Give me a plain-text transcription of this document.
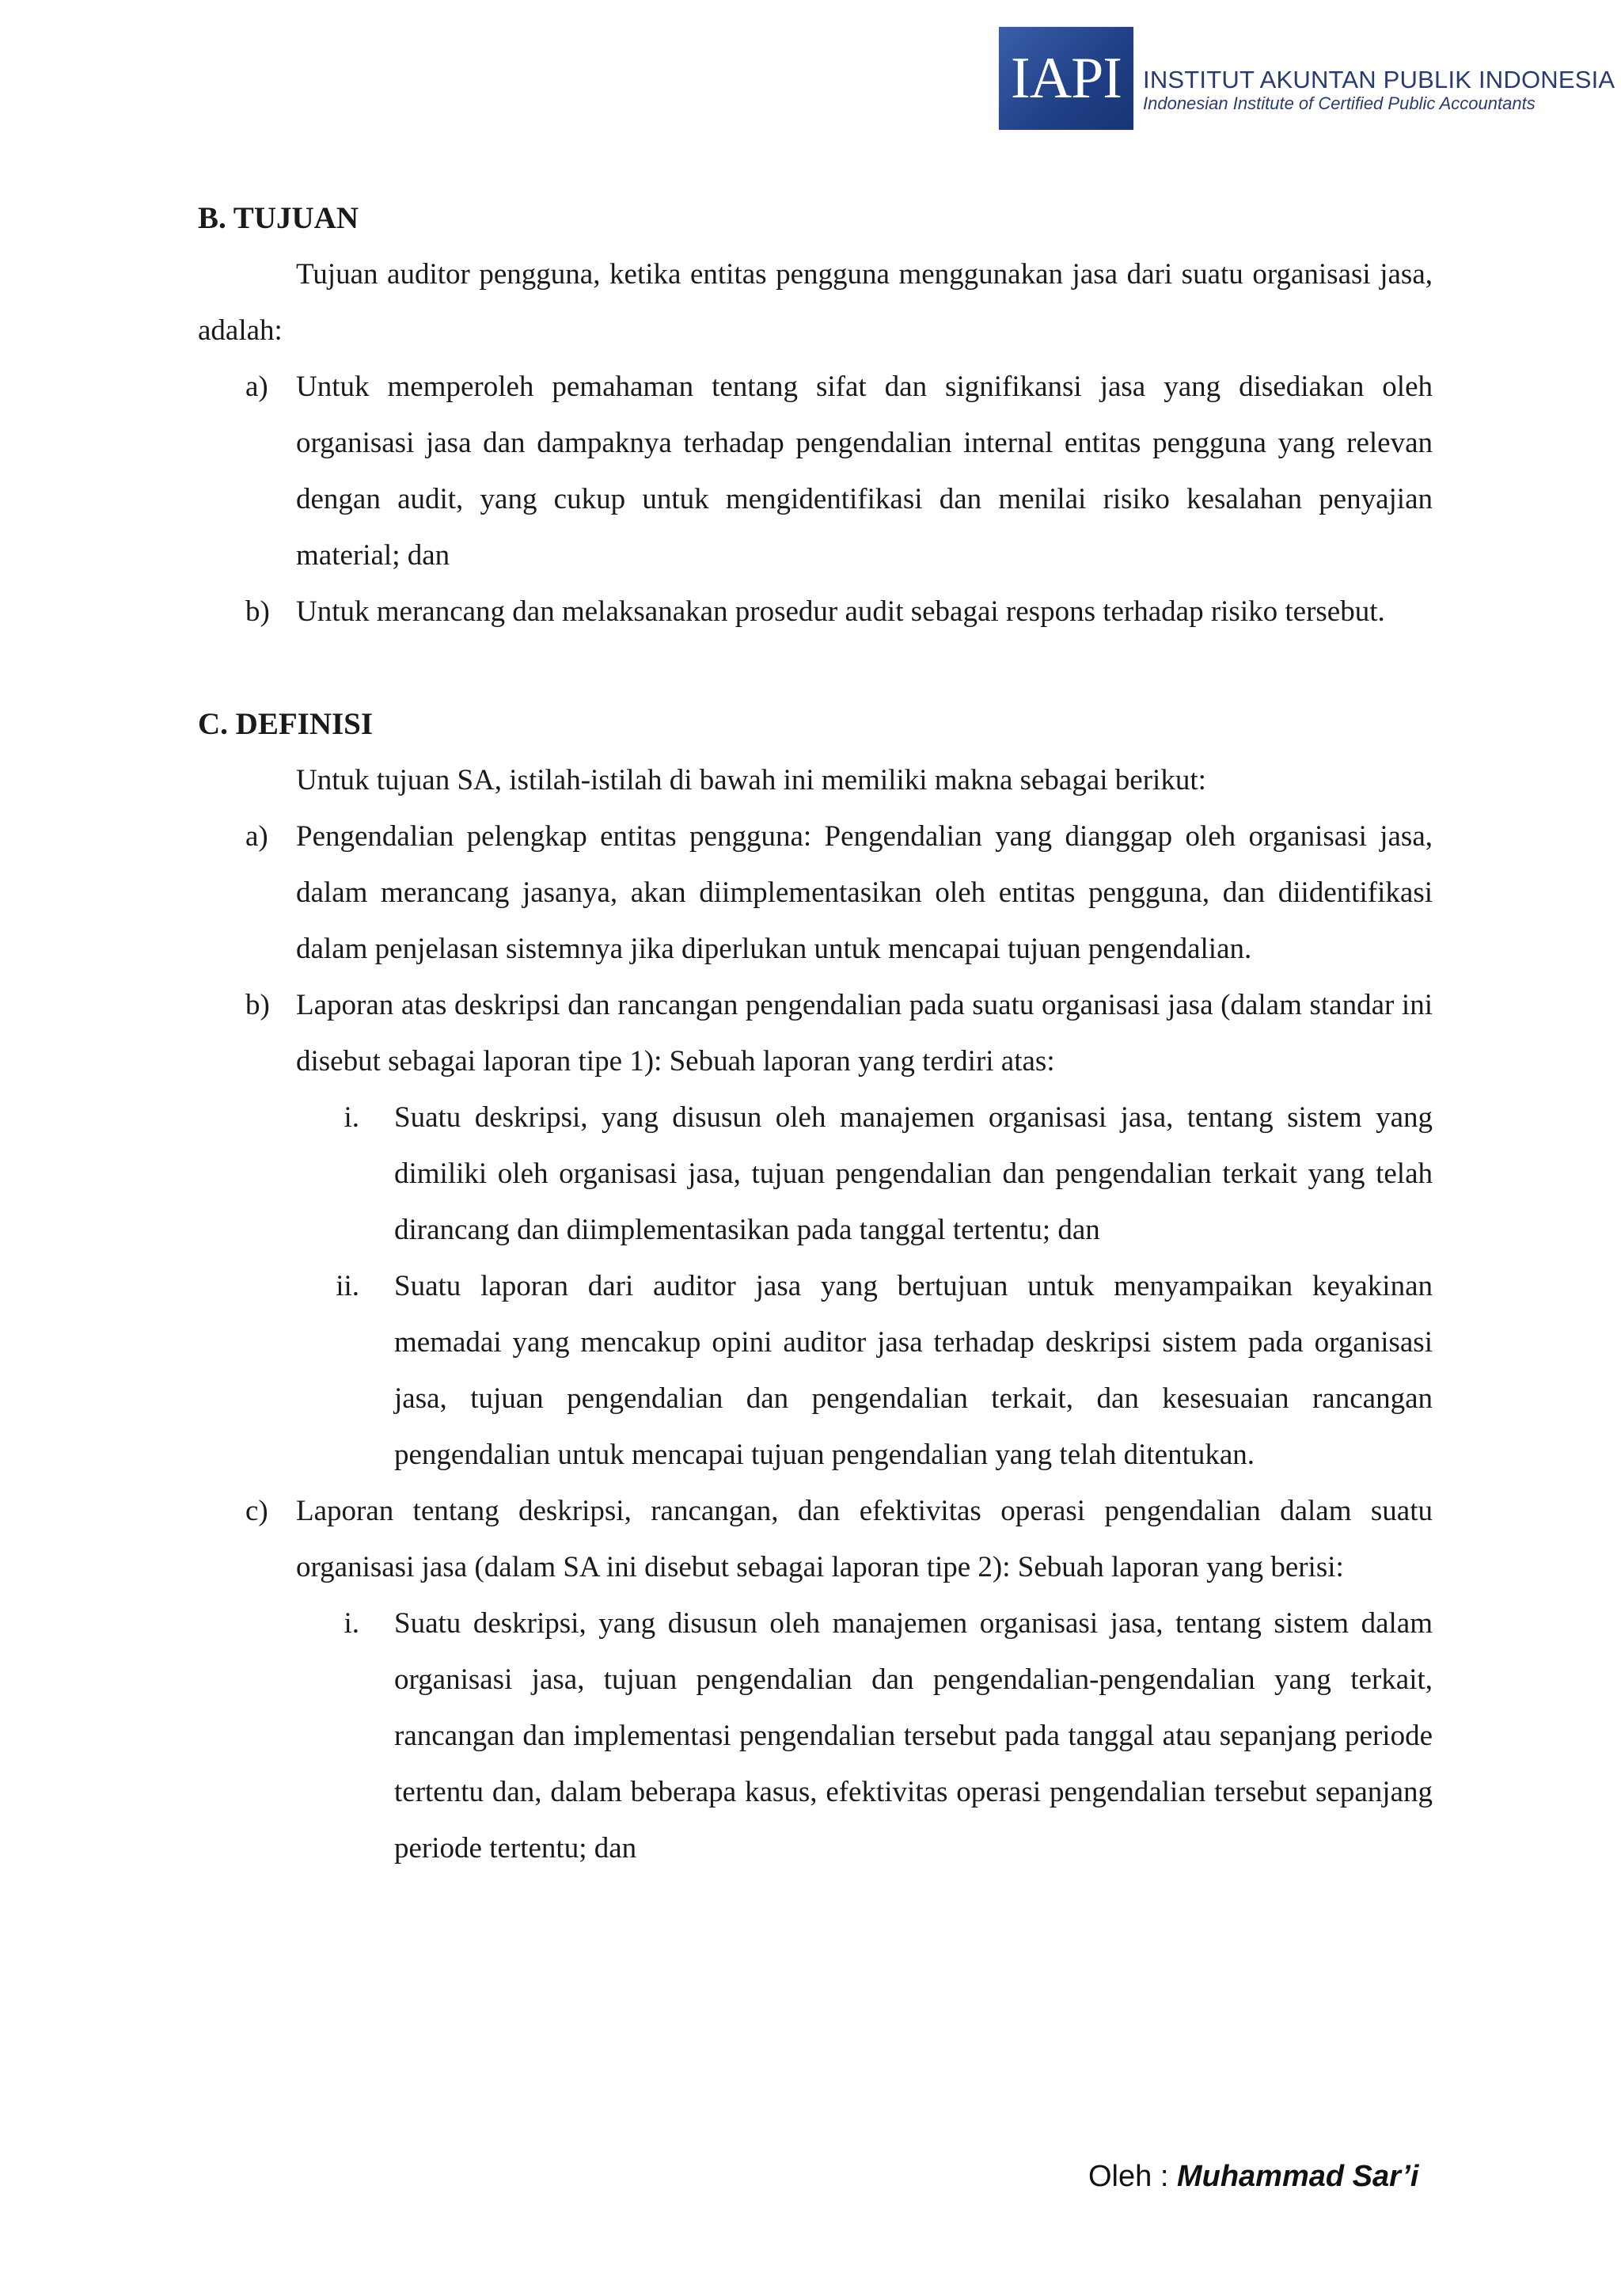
IAPI INSTITUT AKUNTAN PUBLIK INDONESIA
Indonesian Institute of Certified Public Accountants
B. TUJUAN

Tujuan auditor pengguna, ketika entitas pengguna menggunakan jasa dari suatu organisasi jasa, adalah:

a) Untuk memperoleh pemahaman tentang sifat dan signifikansi jasa yang disediakan oleh organisasi jasa dan dampaknya terhadap pengendalian internal entitas pengguna yang relevan dengan audit, yang cukup untuk mengidentifikasi dan menilai risiko kesalahan penyajian material; dan
b) Untuk merancang dan melaksanakan prosedur audit sebagai respons terhadap risiko tersebut.
C. DEFINISI

Untuk tujuan SA, istilah-istilah di bawah ini memiliki makna sebagai berikut:

a) Pengendalian pelengkap entitas pengguna: Pengendalian yang dianggap oleh organisasi jasa, dalam merancang jasanya, akan diimplementasikan oleh entitas pengguna, dan diidentifikasi dalam penjelasan sistemnya jika diperlukan untuk mencapai tujuan pengendalian.
b) Laporan atas deskripsi dan rancangan pengendalian pada suatu organisasi jasa (dalam standar ini disebut sebagai laporan tipe 1): Sebuah laporan yang terdiri atas:
i. Suatu deskripsi, yang disusun oleh manajemen organisasi jasa, tentang sistem yang dimiliki oleh organisasi jasa, tujuan pengendalian dan pengendalian terkait yang telah dirancang dan diimplementasikan pada tanggal tertentu; dan
ii. Suatu laporan dari auditor jasa yang bertujuan untuk menyampaikan keyakinan memadai yang mencakup opini auditor jasa terhadap deskripsi sistem pada organisasi jasa, tujuan pengendalian dan pengendalian terkait, dan kesesuaian rancangan pengendalian untuk mencapai tujuan pengendalian yang telah ditentukan.
c) Laporan tentang deskripsi, rancangan, dan efektivitas operasi pengendalian dalam suatu organisasi jasa (dalam SA ini disebut sebagai laporan tipe 2): Sebuah laporan yang berisi:
i. Suatu deskripsi, yang disusun oleh manajemen organisasi jasa, tentang sistem dalam organisasi jasa, tujuan pengendalian dan pengendalian-pengendalian yang terkait, rancangan dan implementasi pengendalian tersebut pada tanggal atau sepanjang periode tertentu dan, dalam beberapa kasus, efektivitas operasi pengendalian tersebut sepanjang periode tertentu; dan
Oleh : Muhammad Sar’i
